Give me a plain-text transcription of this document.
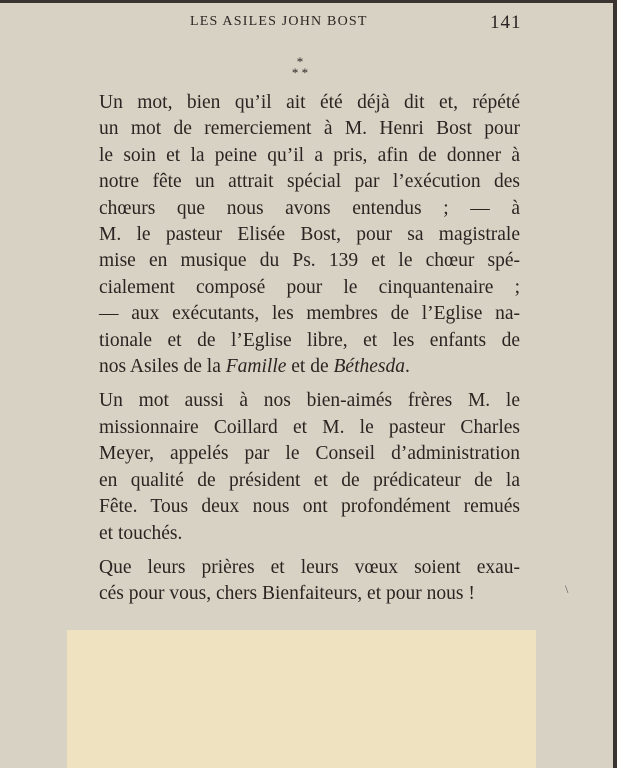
LES ASILES JOHN BOST	141
*
* *

Un mot, bien qu’il ait été déjà dit et, répété
un mot de remerciement à M. Henri Bost pour
le soin et la peine qu’il a pris, afin de donner à
notre fête un attrait spécial par l’exécution des
chœurs que nous avons entendus ; — à
M. le pasteur Elisée Bost, pour sa magistrale
mise en musique du Ps. 139 et le chœur spé-
cialement composé pour le cinquantenaire ;
— aux exécutants, les membres de l’Eglise na-
tionale et de l’Eglise libre, et les enfants de
nos Asiles de la Famille et de Béthesda.

Un mot aussi à nos bien-aimés frères M. le
missionnaire Coillard et M. le pasteur Charles
Meyer, appelés par le Conseil d’administration
en qualité de président et de prédicateur de la
Fête. Tous deux nous ont profondément remués
et touchés.

Que leurs prières et leurs vœux soient exau-
cés pour vous, chers Bienfaiteurs, et pour nous !	\
